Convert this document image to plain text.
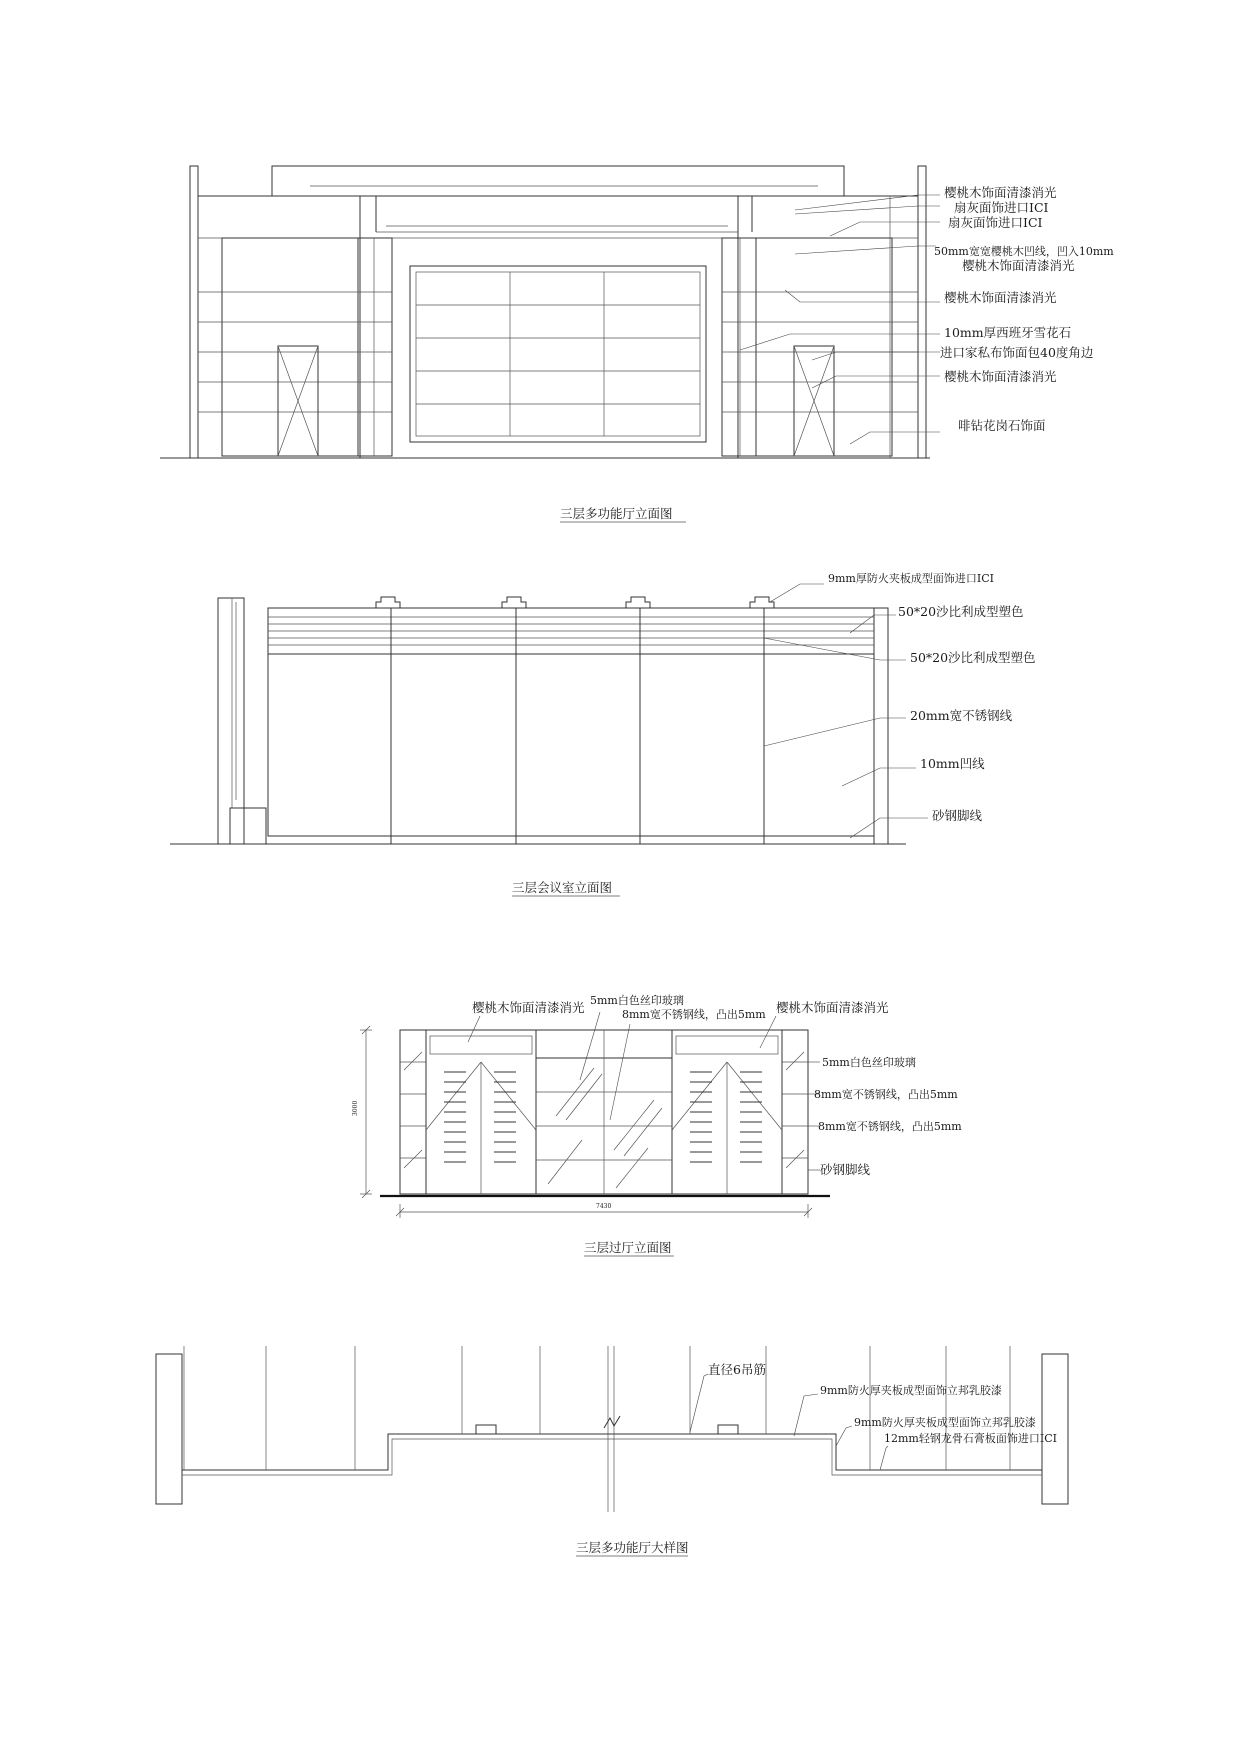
樱桃木饰面清漆消光
扇灰面饰进口ICI
扇灰面饰进口ICI
50mm宽宽樱桃木凹线，凹入10mm
樱桃木饰面清漆消光
樱桃木饰面清漆消光
10mm厚西班牙雪花石
进口家私布饰面包40度角边
樱桃木饰面清漆消光
啡钻花岗石饰面
三层多功能厅立面图
9mm厚防火夹板成型面饰进口ICI
50*20沙比利成型塑色
50*20沙比利成型塑色
20mm宽不锈钢线
10mm凹线
砂钢脚线
三层会议室立面图
3000
7430
樱桃木饰面清漆消光 5mm白色丝印玻璃
8mm宽不锈钢线，凸出5mm 樱桃木饰面清漆消光
5mm白色丝印玻璃
8mm宽不锈钢线，凸出5mm
8mm宽不锈钢线，凸出5mm
砂钢脚线
三层过厅立面图
直径6吊筋
9mm防火厚夹板成型面饰立邦乳胶漆
9mm防火厚夹板成型面饰立邦乳胶漆
12mm轻钢龙骨石膏板面饰进口ICI
三层多功能厅大样图
